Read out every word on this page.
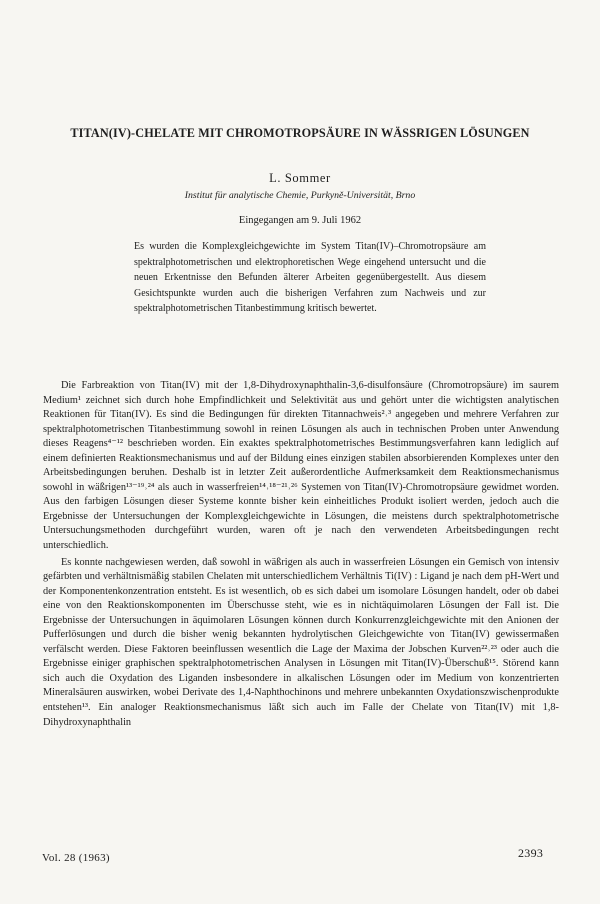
TITAN(IV)-CHELATE MIT CHROMOTROPSÄURE IN WÄSSRIGEN LÖSUNGEN
L. Sommer
Institut für analytische Chemie, Purkyně-Universität, Brno
Eingegangen am 9. Juli 1962
Es wurden die Komplexgleichgewichte im System Titan(IV)–Chromotropsäure am spektralphotometrischen und elektrophoretischen Wege eingehend untersucht und die neuen Erkentnisse den Befunden älterer Arbeiten gegenübergestellt. Aus diesem Gesichtspunkte wurden auch die bisherigen Verfahren zum Nachweis und zur spektralphotometrischen Titanbestimmung kritisch bewertet.

Die Farbreaktion von Titan(IV) mit der 1,8-Dihydroxynaphthalin-3,6-disulfonsäure (Chromotropsäure) im saurem Medium¹ zeichnet sich durch hohe Empfindlichkeit und Selektivität aus und gehört unter die wichtigsten analytischen Reaktionen für Titan(IV). Es sind die Bedingungen für direkten Titannachweis²˒³ angegeben und mehrere Verfahren zur spektralphotometrischen Titanbestimmung sowohl in reinen Lösungen als auch in technischen Proben unter Anwendung dieses Reagens⁴⁻¹² beschrieben worden. Ein exaktes spektralphotometrisches Bestimmungsverfahren kann lediglich auf einem definierten Reaktionsmechanismus und auf der Bildung eines einzigen stabilen absorbierenden Komplexes unter den Arbeitsbedingungen beruhen. Deshalb ist in letzter Zeit außerordentliche Aufmerksamkeit dem Reaktionsmechanismus sowohl in wäßrigen¹³⁻¹⁹˒²⁴ als auch in wasserfreien¹⁴˒¹⁸⁻²¹˒²⁶ Systemen von Titan(IV)-Chromotropsäure gewidmet worden. Aus den farbigen Lösungen dieser Systeme konnte bisher kein einheitliches Produkt isoliert werden, jedoch auch die Ergebnisse der Untersuchungen der Komplexgleichgewichte in Lösungen, die meistens durch spektralphotometrische Untersuchungsmethoden durchgeführt wurden, waren oft je nach den verwendeten Arbeitsbedingungen recht unterschiedlich.

Es konnte nachgewiesen werden, daß sowohl in wäßrigen als auch in wasserfreien Lösungen ein Gemisch von intensiv gefärbten und verhältnismäßig stabilen Chelaten mit unterschiedlichem Verhältnis Ti(IV) : Ligand je nach dem pH-Wert und der Komponentenkonzentration entsteht. Es ist wesentlich, ob es sich dabei um isomolare Lösungen handelt, oder ob dabei eine von den Reaktionskomponenten im Überschusse steht, wie es in nichtäquimolaren Lösungen der Fall ist. Die Ergebnisse der Untersuchungen in äquimolaren Lösungen können durch Konkurrenzgleichgewichte mit den Anionen der Pufferlösungen und durch die bisher wenig bekannten hydrolytischen Gleichgewichte von Titan(IV) gewissermaßen verfälscht werden. Diese Faktoren beeinflussen wesentlich die Lage der Maxima der Jobschen Kurven²²˒²³ oder auch die Ergebnisse einiger graphischen spektralphotometrischen Analysen in Lösungen mit Titan(IV)-Überschuß¹⁵. Störend kann sich auch die Oxydation des Liganden insbesondere in alkalischen Lösungen oder im Medium von konzentrierten Mineralsäuren auswirken, wobei Derivate des 1,4-Naphthochinons und mehrere unbekannten Oxydationszwischenprodukte entstehen¹³. Ein analoger Reaktionsmechanismus läßt sich auch im Falle der Chelate von Titan(IV) mit 1,8-Dihydroxynaphthalin

Vol. 28 (1963)	2393
